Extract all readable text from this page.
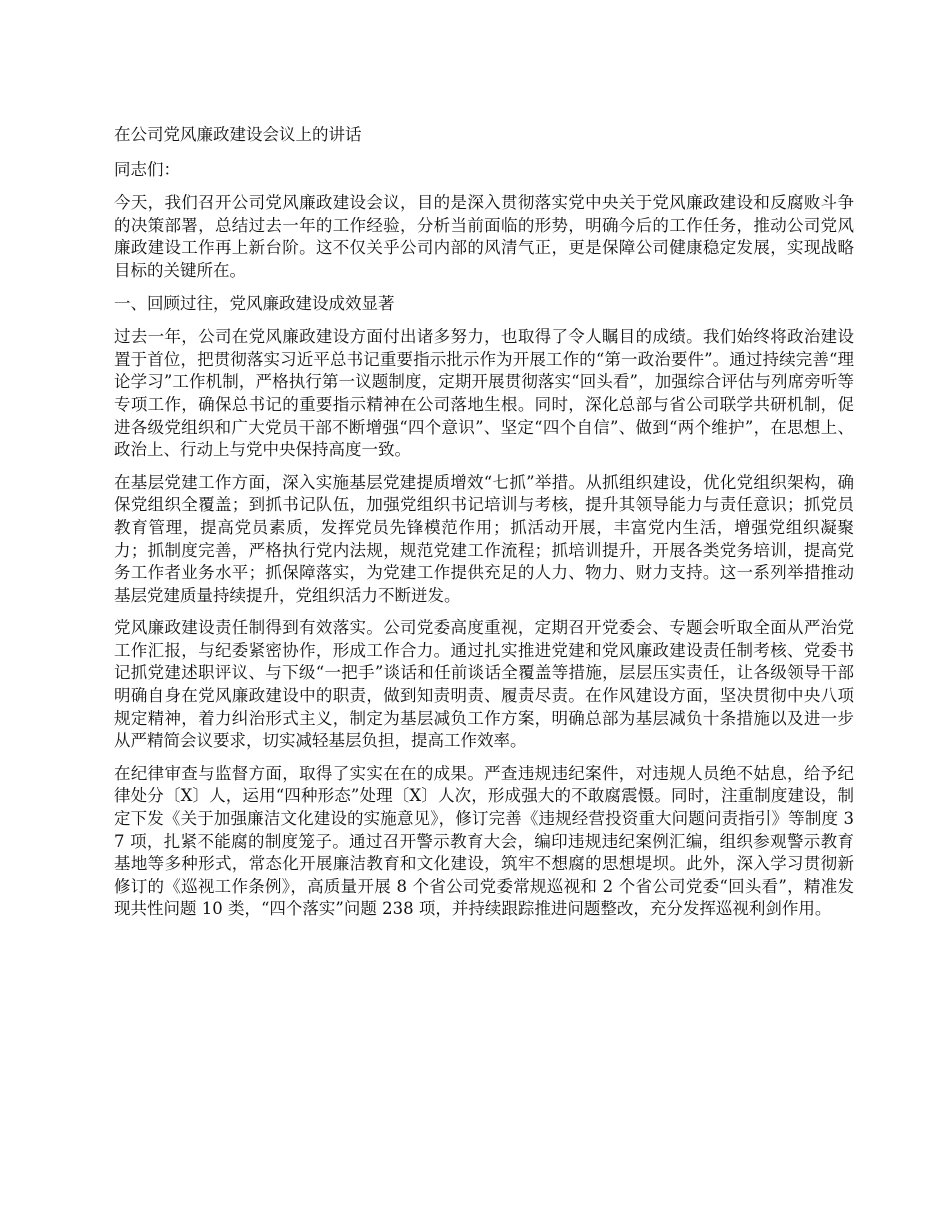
在公司党风廉政建设会议上的讲话

同志们：

今天，我们召开公司党风廉政建设会议，目的是深入贯彻落实党中央关于党风廉政建设和反腐败斗争的决策部署，总结过去一年的工作经验，分析当前面临的形势，明确今后的工作任务，推动公司党风廉政建设工作再上新台阶。这不仅关乎公司内部的风清气正，更是保障公司健康稳定发展，实现战略目标的关键所在。

一、回顾过往，党风廉政建设成效显著

过去一年，公司在党风廉政建设方面付出诸多努力，也取得了令人瞩目的成绩。我们始终将政治建设置于首位，把贯彻落实习近平总书记重要指示批示作为开展工作的“第一政治要件”。通过持续完善“理论学习”工作机制，严格执行第一议题制度，定期开展贯彻落实“回头看”，加强综合评估与列席旁听等专项工作，确保总书记的重要指示精神在公司落地生根。同时，深化总部与省公司联学共研机制，促进各级党组织和广大党员干部不断增强“四个意识”、坚定“四个自信”、做到“两个维护”，在思想上、政治上、行动上与党中央保持高度一致。

在基层党建工作方面，深入实施基层党建提质增效“七抓”举措。从抓组织建设，优化党组织架构，确保党组织全覆盖；到抓书记队伍，加强党组织书记培训与考核，提升其领导能力与责任意识；抓党员教育管理，提高党员素质，发挥党员先锋模范作用；抓活动开展，丰富党内生活，增强党组织凝聚力；抓制度完善，严格执行党内法规，规范党建工作流程；抓培训提升，开展各类党务培训，提高党务工作者业务水平；抓保障落实，为党建工作提供充足的人力、物力、财力支持。这一系列举措推动基层党建质量持续提升，党组织活力不断迸发。

党风廉政建设责任制得到有效落实。公司党委高度重视，定期召开党委会、专题会听取全面从严治党工作汇报，与纪委紧密协作，形成工作合力。通过扎实推进党建和党风廉政建设责任制考核、党委书记抓党建述职评议、与下级“一把手”谈话和任前谈话全覆盖等措施，层层压实责任，让各级领导干部明确自身在党风廉政建设中的职责，做到知责明责、履责尽责。在作风建设方面，坚决贯彻中央八项规定精神，着力纠治形式主义，制定为基层减负工作方案，明确总部为基层减负十条措施以及进一步从严精简会议要求，切实减轻基层负担，提高工作效率。

在纪律审查与监督方面，取得了实实在在的成果。严查违规违纪案件，对违规人员绝不姑息，给予纪律处分〔X〕人，运用“四种形态”处理〔X〕人次，形成强大的不敢腐震慑。同时，注重制度建设，制定下发《关于加强廉洁文化建设的实施意见》，修订完善《违规经营投资重大问题问责指引》等制度 37 项，扎紧不能腐的制度笼子。通过召开警示教育大会，编印违规违纪案例汇编，组织参观警示教育基地等多种形式，常态化开展廉洁教育和文化建设，筑牢不想腐的思想堤坝。此外，深入学习贯彻新修订的《巡视工作条例》，高质量开展 8 个省公司党委常规巡视和 2 个省公司党委“回头看”，精准发现共性问题 10 类，“四个落实”问题 238 项，并持续跟踪推进问题整改，充分发挥巡视利剑作用。
